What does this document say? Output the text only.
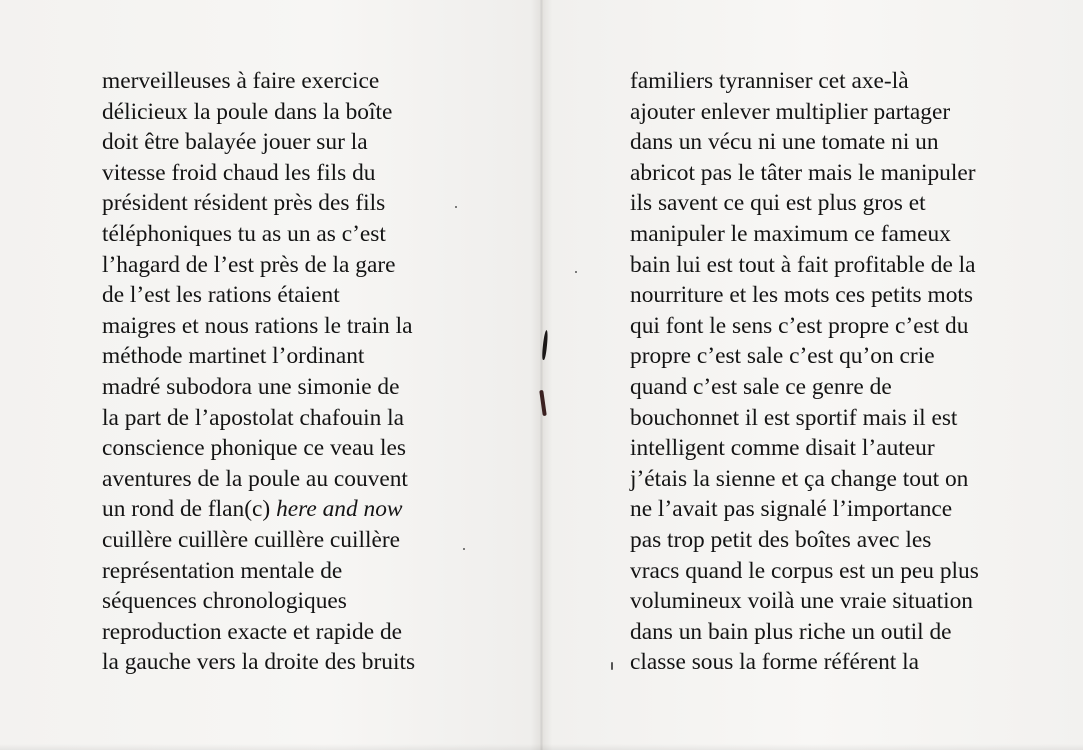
merveilleuses à faire exercice
délicieux la poule dans la boîte
doit être balayée jouer sur la
vitesse froid chaud les fils du
président résident près des fils
téléphoniques tu as un as c’est
l’hagard de l’est près de la gare
de l’est les rations étaient
maigres et nous rations le train la
méthode martinet l’ordinant
madré subodora une simonie de
la part de l’apostolat chafouin la
conscience phonique ce veau les
aventures de la poule au couvent
un rond de flan(c) here and now
cuillère cuillère cuillère cuillère
représentation mentale de
séquences chronologiques
reproduction exacte et rapide de
la gauche vers la droite des bruits
familiers tyranniser cet axe-là
ajouter enlever multiplier partager
dans un vécu ni une tomate ni un
abricot pas le tâter mais le manipuler
ils savent ce qui est plus gros et
manipuler le maximum ce fameux
bain lui est tout à fait profitable de la
nourriture et les mots ces petits mots
qui font le sens c’est propre c’est du
propre c’est sale c’est qu’on crie
quand c’est sale ce genre de
bouchonnet il est sportif mais il est
intelligent comme disait l’auteur
j’étais la sienne et ça change tout on
ne l’avait pas signalé l’importance
pas trop petit des boîtes avec les
vracs quand le corpus est un peu plus
volumineux voilà une vraie situation
dans un bain plus riche un outil de
classe sous la forme référent la
